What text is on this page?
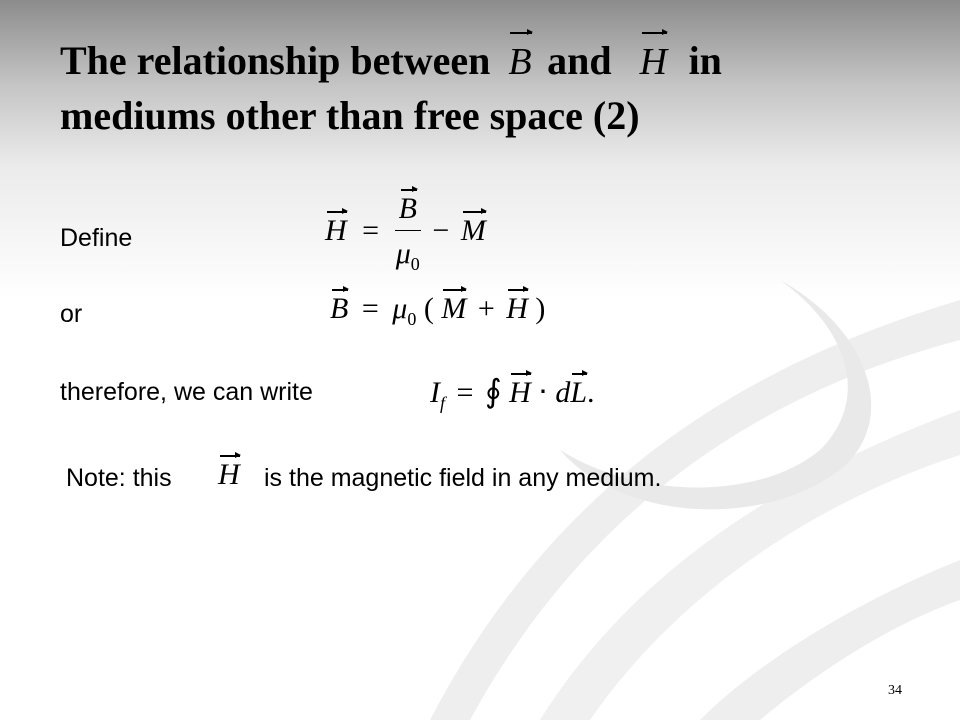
The relationship between B and H in
mediums other than free space (2)
Define	$H = \frac{B}{\mu_0} - M$
or	$B = \mu_0$ ( M + H )
therefore, we can write	$I_f$ = ∮ H ⋅ dL.
Note: this H is the magnetic field in any medium.
34
